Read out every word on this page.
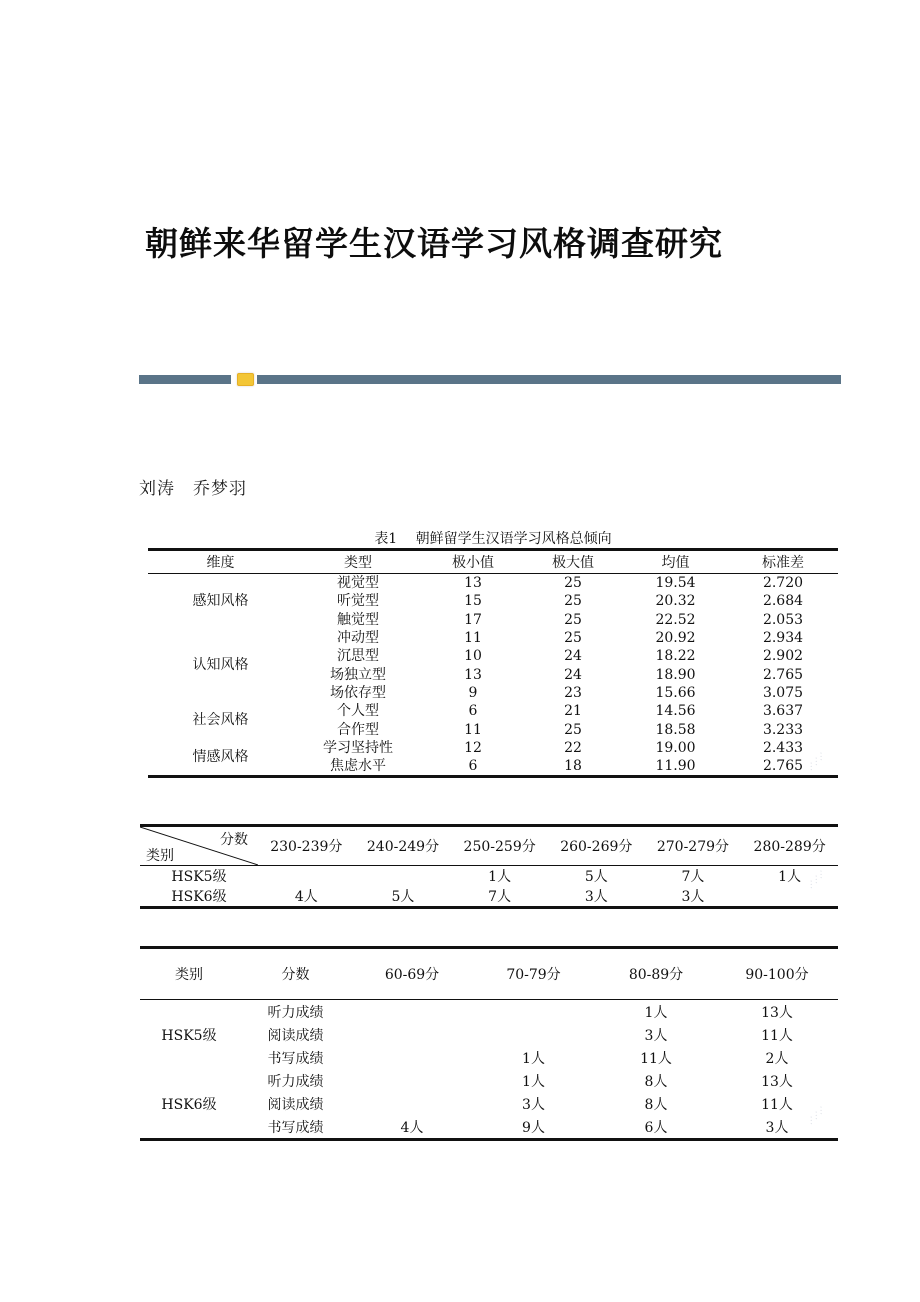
朝鲜来华留学生汉语学习风格调查研究
刘涛　乔梦羽
表1　 朝鲜留学生汉语学习风格总倾向
维度	类型	极小值	极大值	均值	标准差
感知风格	视觉型	13	25	19.54	2.720
	听觉型	15	25	20.32	2.684
	触觉型	17	25	22.52	2.053
认知风格	冲动型	11	25	20.92	2.934
	沉思型	10	24	18.22	2.902
	场独立型	13	24	18.90	2.765
	场依存型	9	23	15.66	3.075
社会风格	个人型	6	21	14.56	3.637
	合作型	11	25	18.58	3.233
情感风格	学习坚持性	12	22	19.00	2.433
	焦虑水平	6	18	11.90	2.765 ⋰⋰⋰
分数
类别	230-239分	240-249分	250-259分	260-269分	270-279分	280-289分
HSK5级			1人	5人	7人	1人
HSK6级	4人	5人	7人	3人	3人	
⋰⋰⋰
类别	分数	60-69分	70-79分	80-89分	90-100分
HSK5级	听力成绩			1人	13人
	阅读成绩			3人	11人
	书写成绩		1人	11人	2人
HSK6级	听力成绩		1人	8人	13人
	阅读成绩		3人	8人	11人
	书写成绩	4人	9人	6人	3人
⋰⋰⋰
